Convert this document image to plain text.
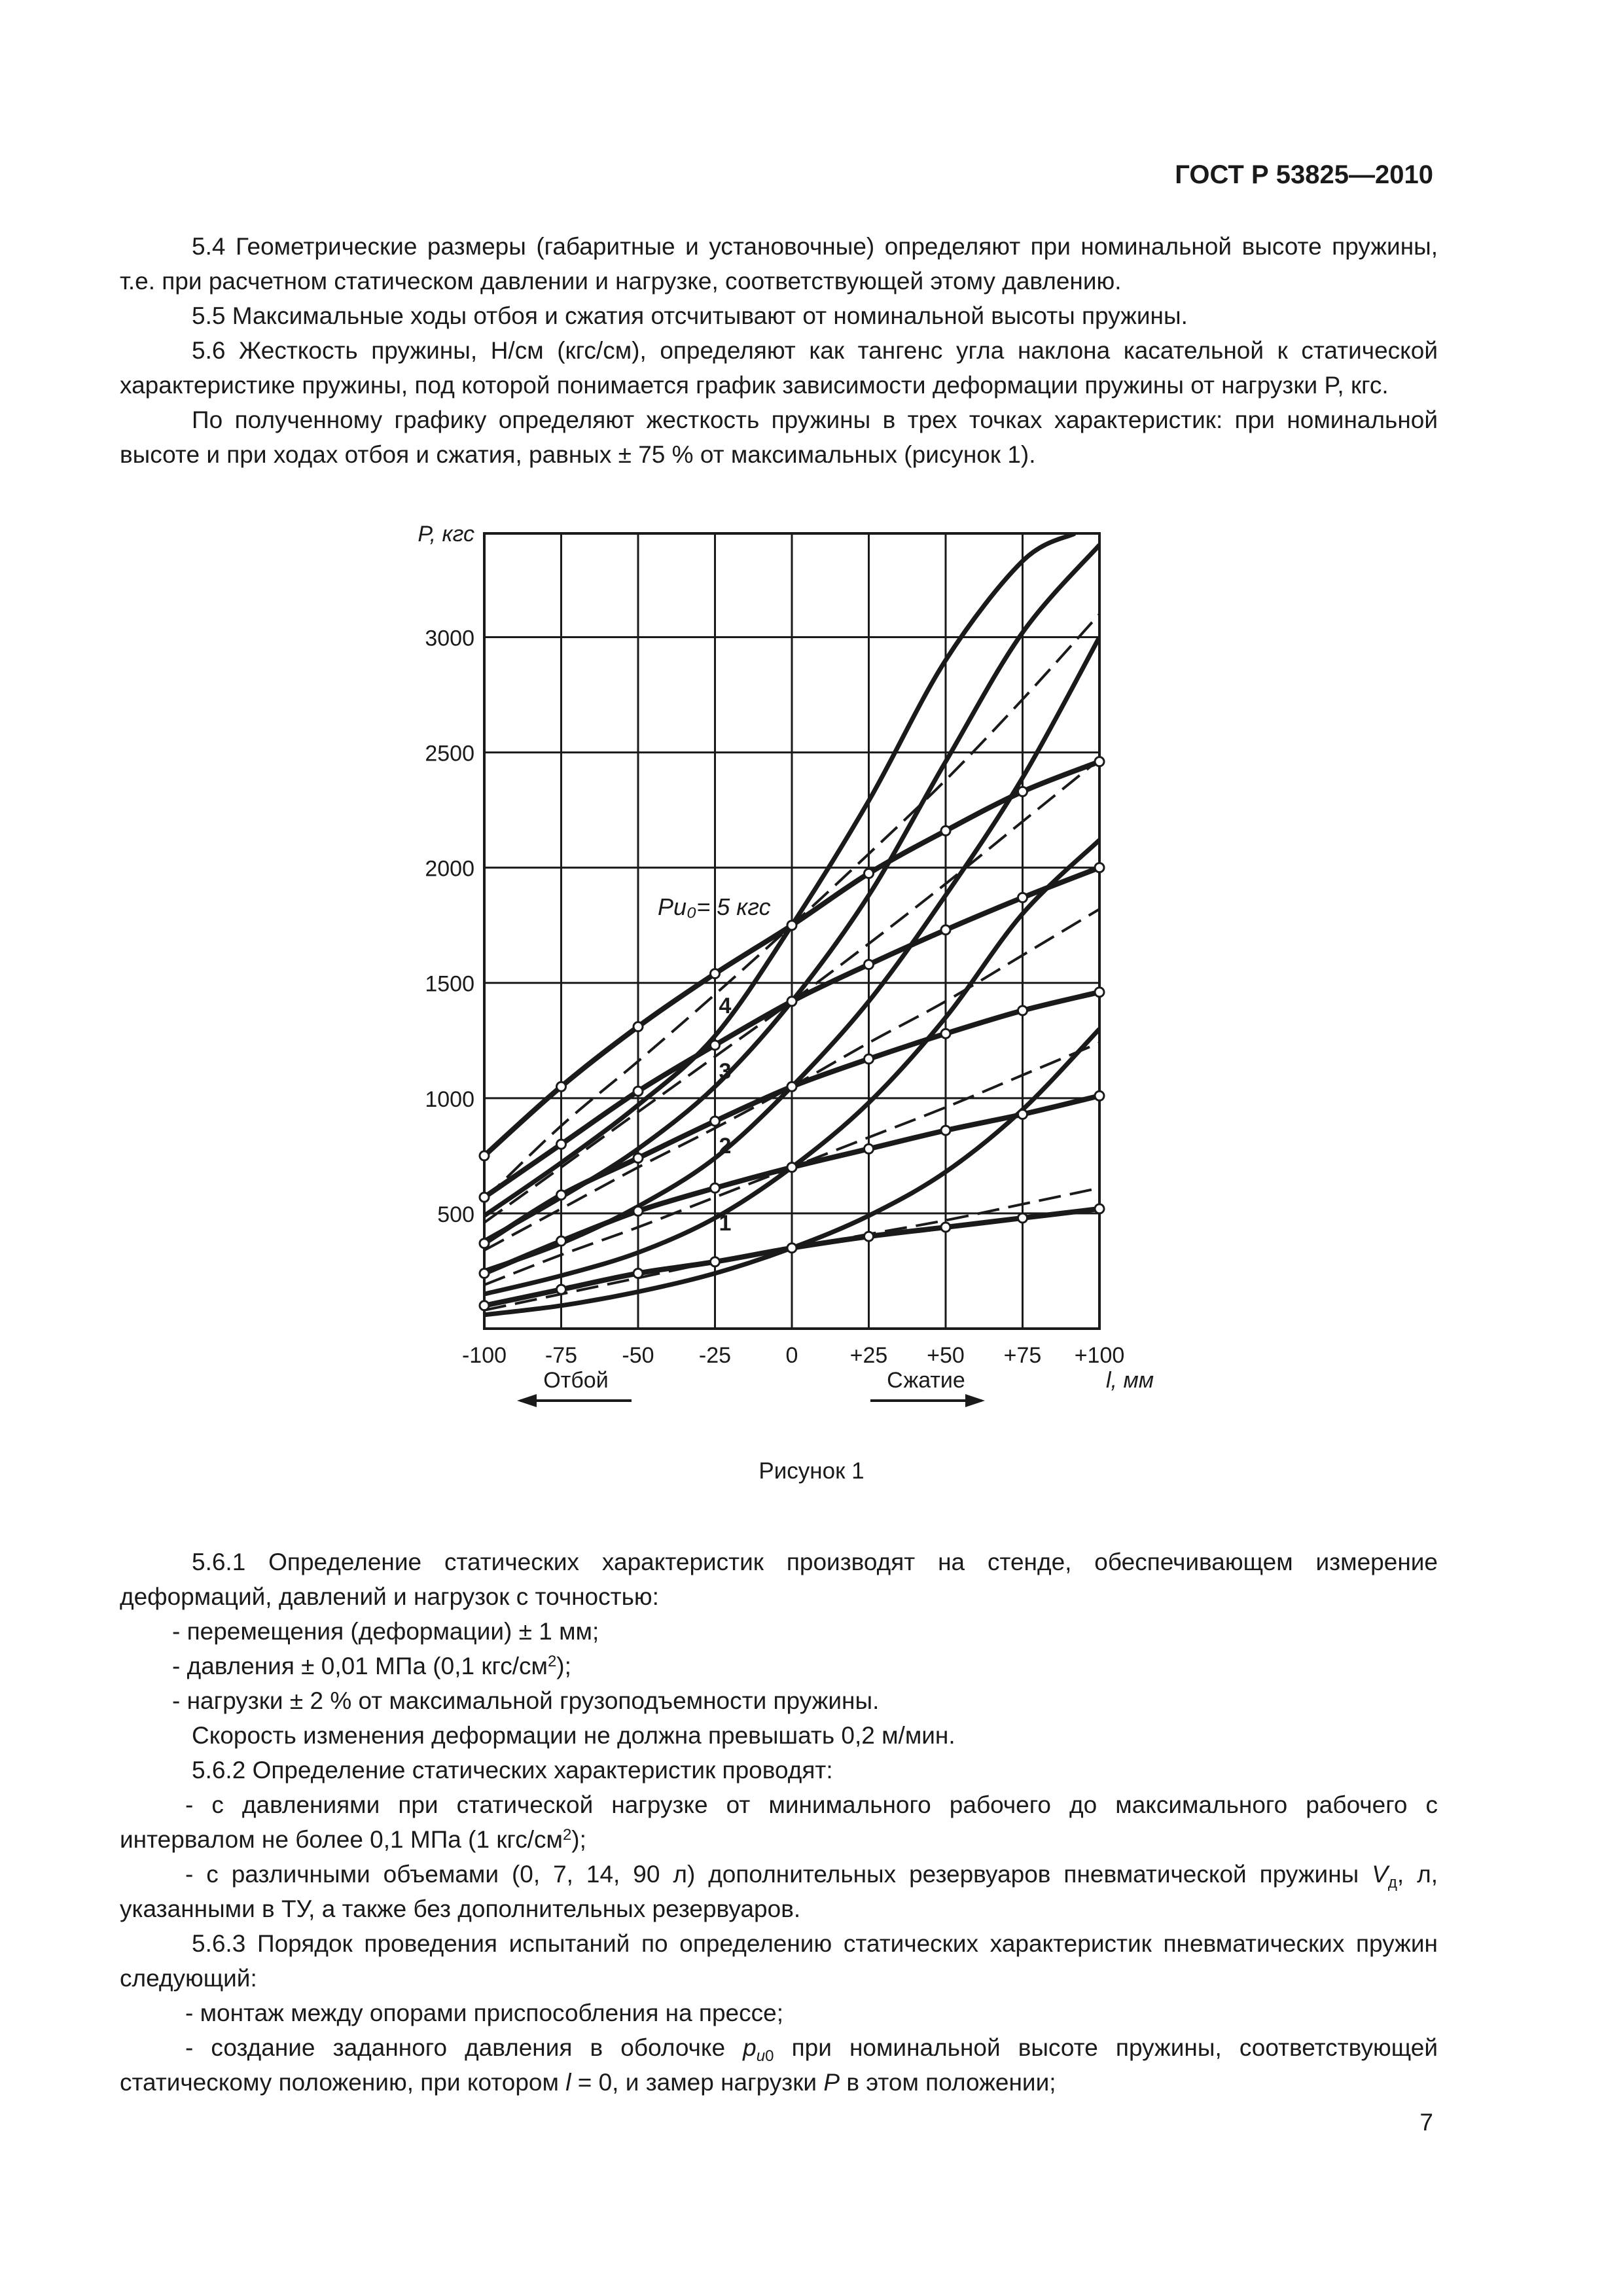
ГОСТ Р 53825—2010

5.4 Геометрические размеры (габаритные и установочные) определяют при номинальной высоте пружины, т.е. при расчетном статическом давлении и нагрузке, соответствующей этому давлению.

5.5 Максимальные ходы отбоя и сжатия отсчитывают от номинальной высоты пружины.

5.6 Жесткость пружины, Н/см (кгс/см), определяют как тангенс угла наклона касательной к статической характеристике пружины, под которой понимается график зависимости деформации пружины от нагрузки P, кгс.

По полученному графику определяют жесткость пружины в трех точках характеристик: при номинальной высоте и при ходах отбоя и сжатия, равных ± 75 % от максимальных (рисунок 1).

3000
2500
2000
1500
1000
500
-100 -75 -50 -25 0 +25 +50 +75 +100
P, кгс
l, мм
Отбой	Сжатие
Pu₀= 5 кгс
4
3
2
1
Рисунок 1

5.6.1 Определение статических характеристик производят на стенде, обеспечивающем измерение деформаций, давлений и нагрузок с точностью:

- перемещения (деформации) ± 1 мм;

- давления ± 0,01 МПа (0,1 кгс/$см^2$);

- нагрузки ± 2 % от максимальной грузоподъемности пружины.

Скорость изменения деформации не должна превышать 0,2 м/мин.

5.6.2 Определение статических характеристик проводят:

- с давлениями при статической нагрузке от минимального рабочего до максимального рабочего с интервалом не более 0,1 МПа (1 кгс/$см^2$);

- с различными объемами (0, 7, 14, 90 л) дополнительных резервуаров пневматической пружины $V_д$, л, указанными в ТУ, а также без дополнительных резервуаров.

5.6.3 Порядок проведения испытаний по определению статических характеристик пневматических пружин следующий:

- монтаж между опорами приспособления на прессе;

- создание заданного давления в оболочке $p_{u0}$ при номинальной высоте пружины, соответствующей статическому положению, при котором l = 0, и замер нагрузки P в этом положении;

7
